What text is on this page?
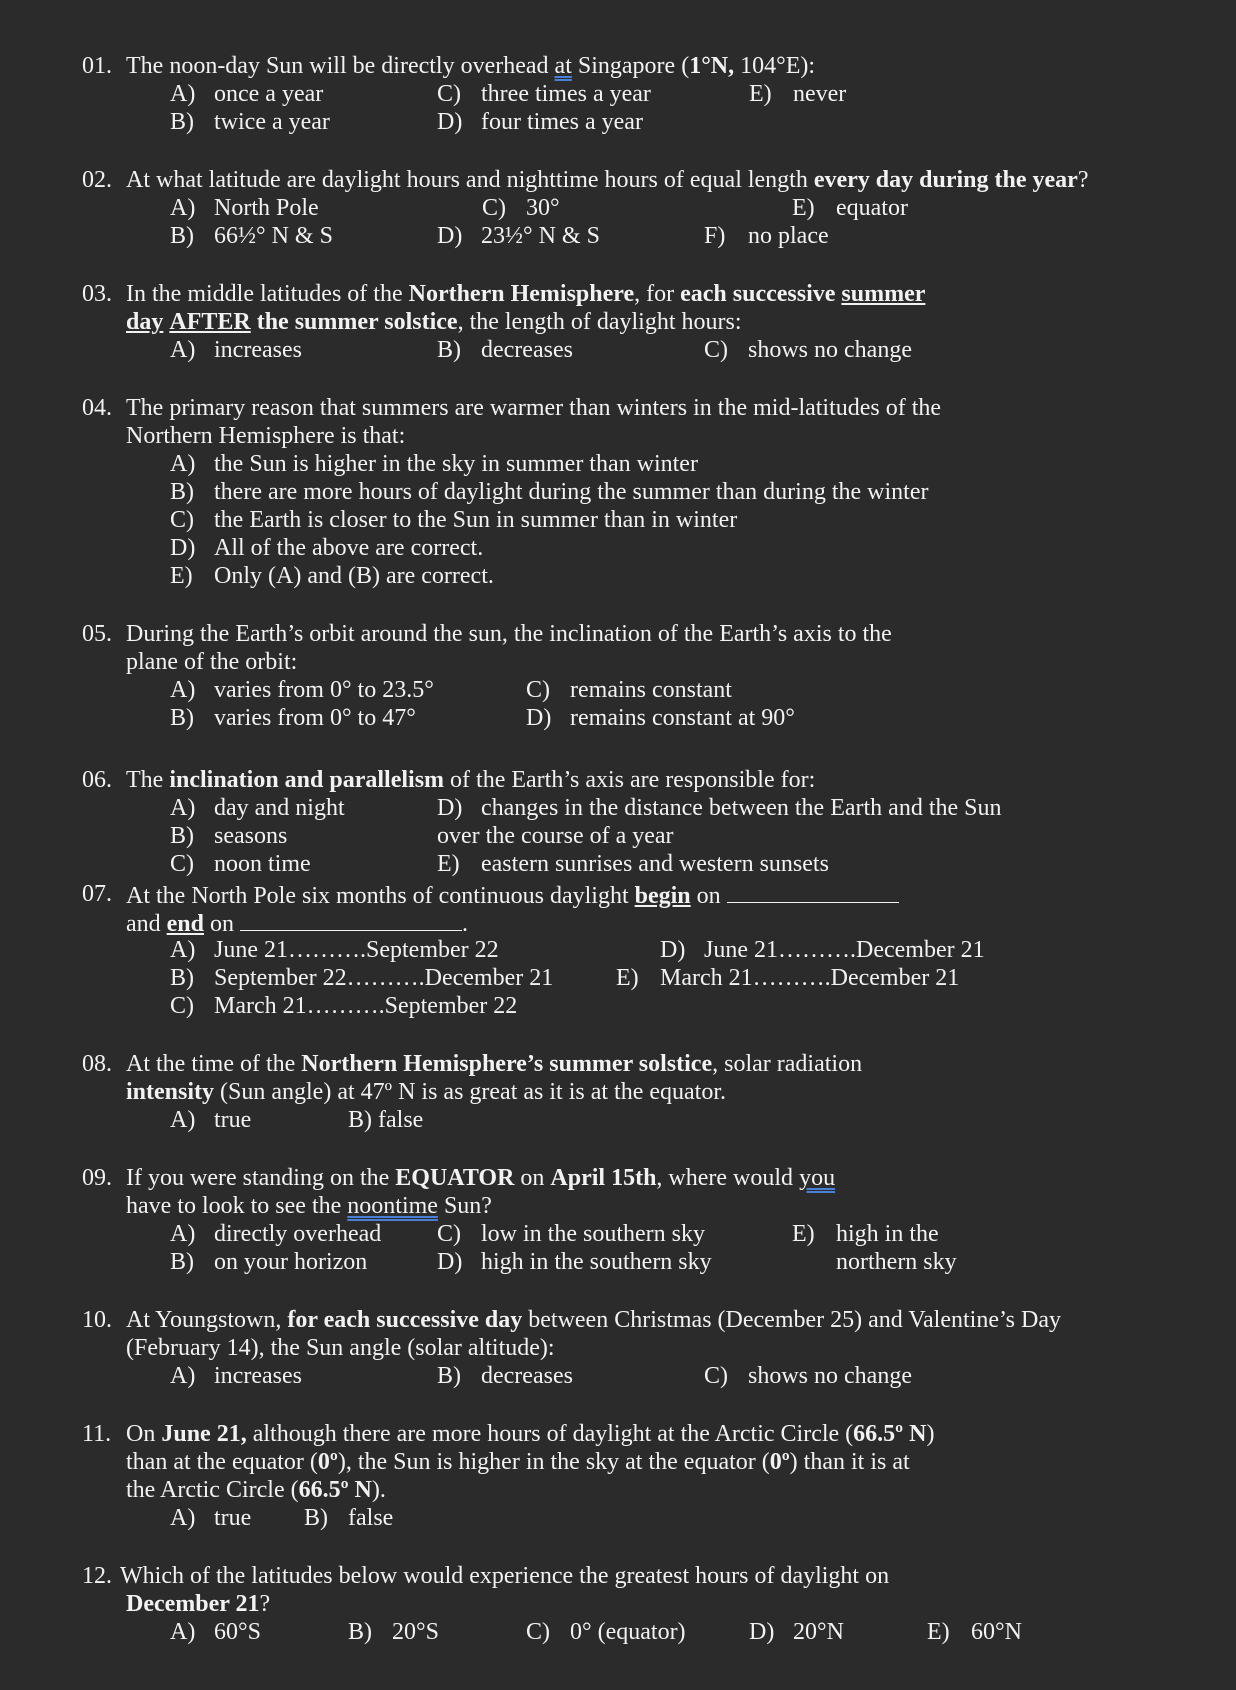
01. The noon-day Sun will be directly overhead at Singapore (1°N, 104°E):
A) once a year	C) three times a year	E) never
B) twice a year	D) four times a year
02. At what latitude are daylight hours and nighttime hours of equal length every day during the year?
A) North Pole	C) 30°	E) equator
B) 66½° N & S	D) 23½° N & S	F) no place
03. In the middle latitudes of the Northern Hemisphere, for each successive summer
day AFTER the summer solstice, the length of daylight hours:
A) increases	B) decreases	C) shows no change
04. The primary reason that summers are warmer than winters in the mid-latitudes of the
Northern Hemisphere is that:
A) the Sun is higher in the sky in summer than winter
B) there are more hours of daylight during the summer than during the winter
C) the Earth is closer to the Sun in summer than in winter
D) All of the above are correct.
E) Only (A) and (B) are correct.
05. During the Earth’s orbit around the sun, the inclination of the Earth’s axis to the
plane of the orbit:
A) varies from 0° to 23.5°	C) remains constant
B) varies from 0° to 47°	D) remains constant at 90°
06. The inclination and parallelism of the Earth’s axis are responsible for:
A) day and night	D) changes in the distance between the Earth and the Sun
B) seasons	over the course of a year
C) noon time	E) eastern sunrises and western sunsets
07. At the North Pole six months of continuous daylight begin on
and end on	.
A) June 21……….September 22	D) June 21……….December 21
B) September 22……….December 21	E) March 21……….December 21
C) March 21……….September 22
08. At the time of the Northern Hemisphere’s summer solstice, solar radiation
intensity (Sun angle) at 47º N is as great as it is at the equator.
A) true	B) false
09. If you were standing on the EQUATOR on April 15th, where would you
have to look to see the noontime Sun?
A) directly overhead C) low in the southern sky	E) high in the
B) on your horizon	D) high in the southern sky	northern sky
10. At Youngstown, for each successive day between Christmas (December 25) and Valentine’s Day
(February 14), the Sun angle (solar altitude):
A) increases	B) decreases	C) shows no change
11. On June 21, although there are more hours of daylight at the Arctic Circle (66.5º N)
than at the equator (0º), the Sun is higher in the sky at the equator (0º) than it is at
the Arctic Circle (66.5º N).
A) true B) false
12. Which of the latitudes below would experience the greatest hours of daylight on
December 21?
A) 60°S	B) 20°S	C) 0° (equator)	D) 20°N	E) 60°N
